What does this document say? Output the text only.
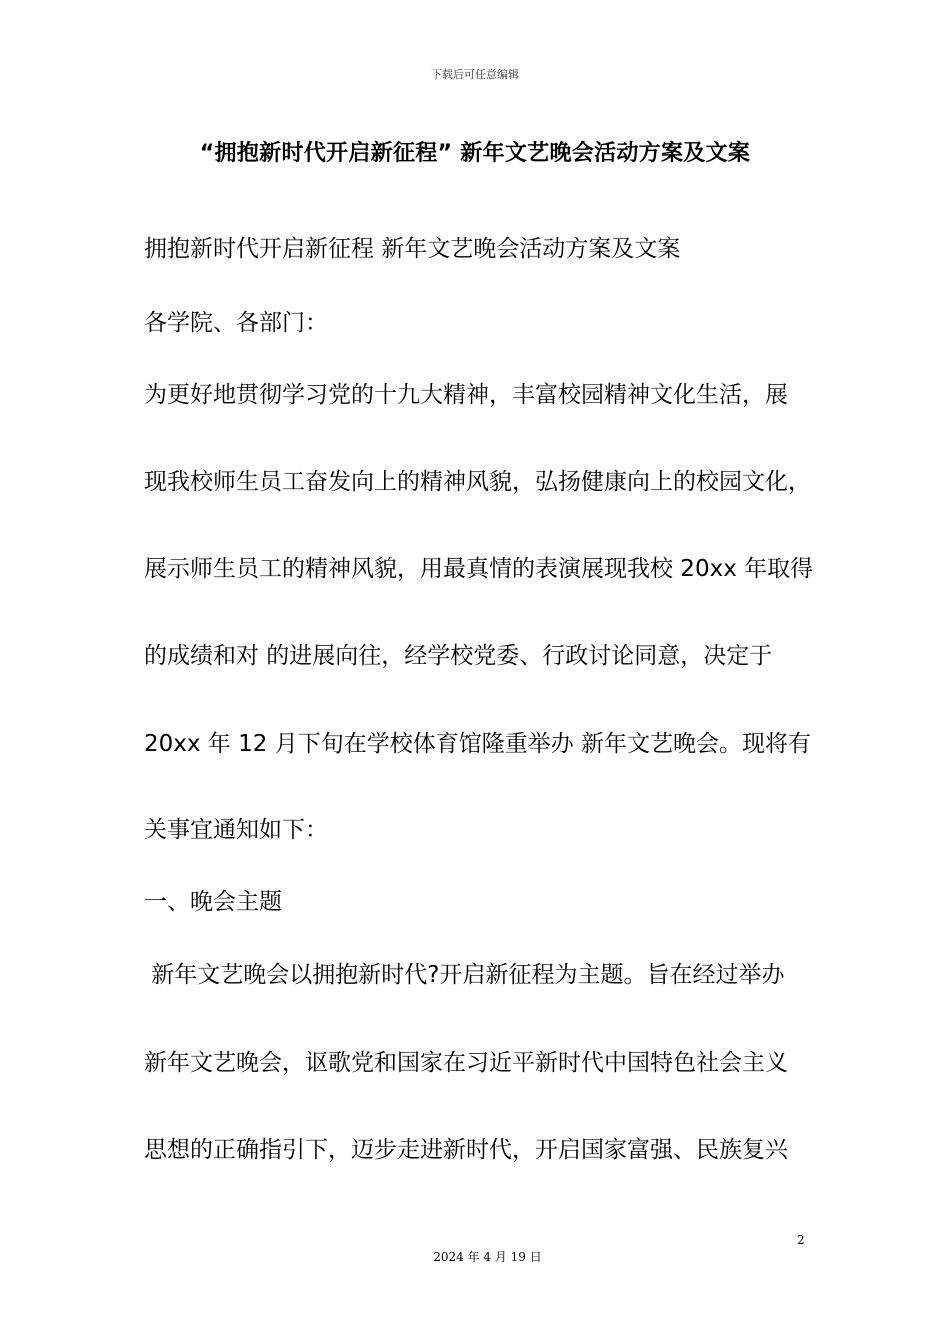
下载后可任意编辑
“拥抱新时代开启新征程” 新年文艺晚会活动方案及文案
拥抱新时代开启新征程 新年文艺晚会活动方案及文案
各学院、各部门：
为更好地贯彻学习党的十九大精神，丰富校园精神文化生活，展
现我校师生员工奋发向上的精神风貌，弘扬健康向上的校园文化，
展示师生员工的精神风貌，用最真情的表演展现我校 20xx 年取得
的成绩和对 的进展向往，经学校党委、行政讨论同意，决定于
20xx 年 12 月下旬在学校体育馆隆重举办 新年文艺晚会。现将有
关事宜通知如下：
一、晚会主题
新年文艺晚会以拥抱新时代?开启新征程为主题。旨在经过举办
新年文艺晚会，讴歌党和国家在习近平新时代中国特色社会主义
思想的正确指引下，迈步走进新时代，开启国家富强、民族复兴
2
2024 年 4 月 19 日
